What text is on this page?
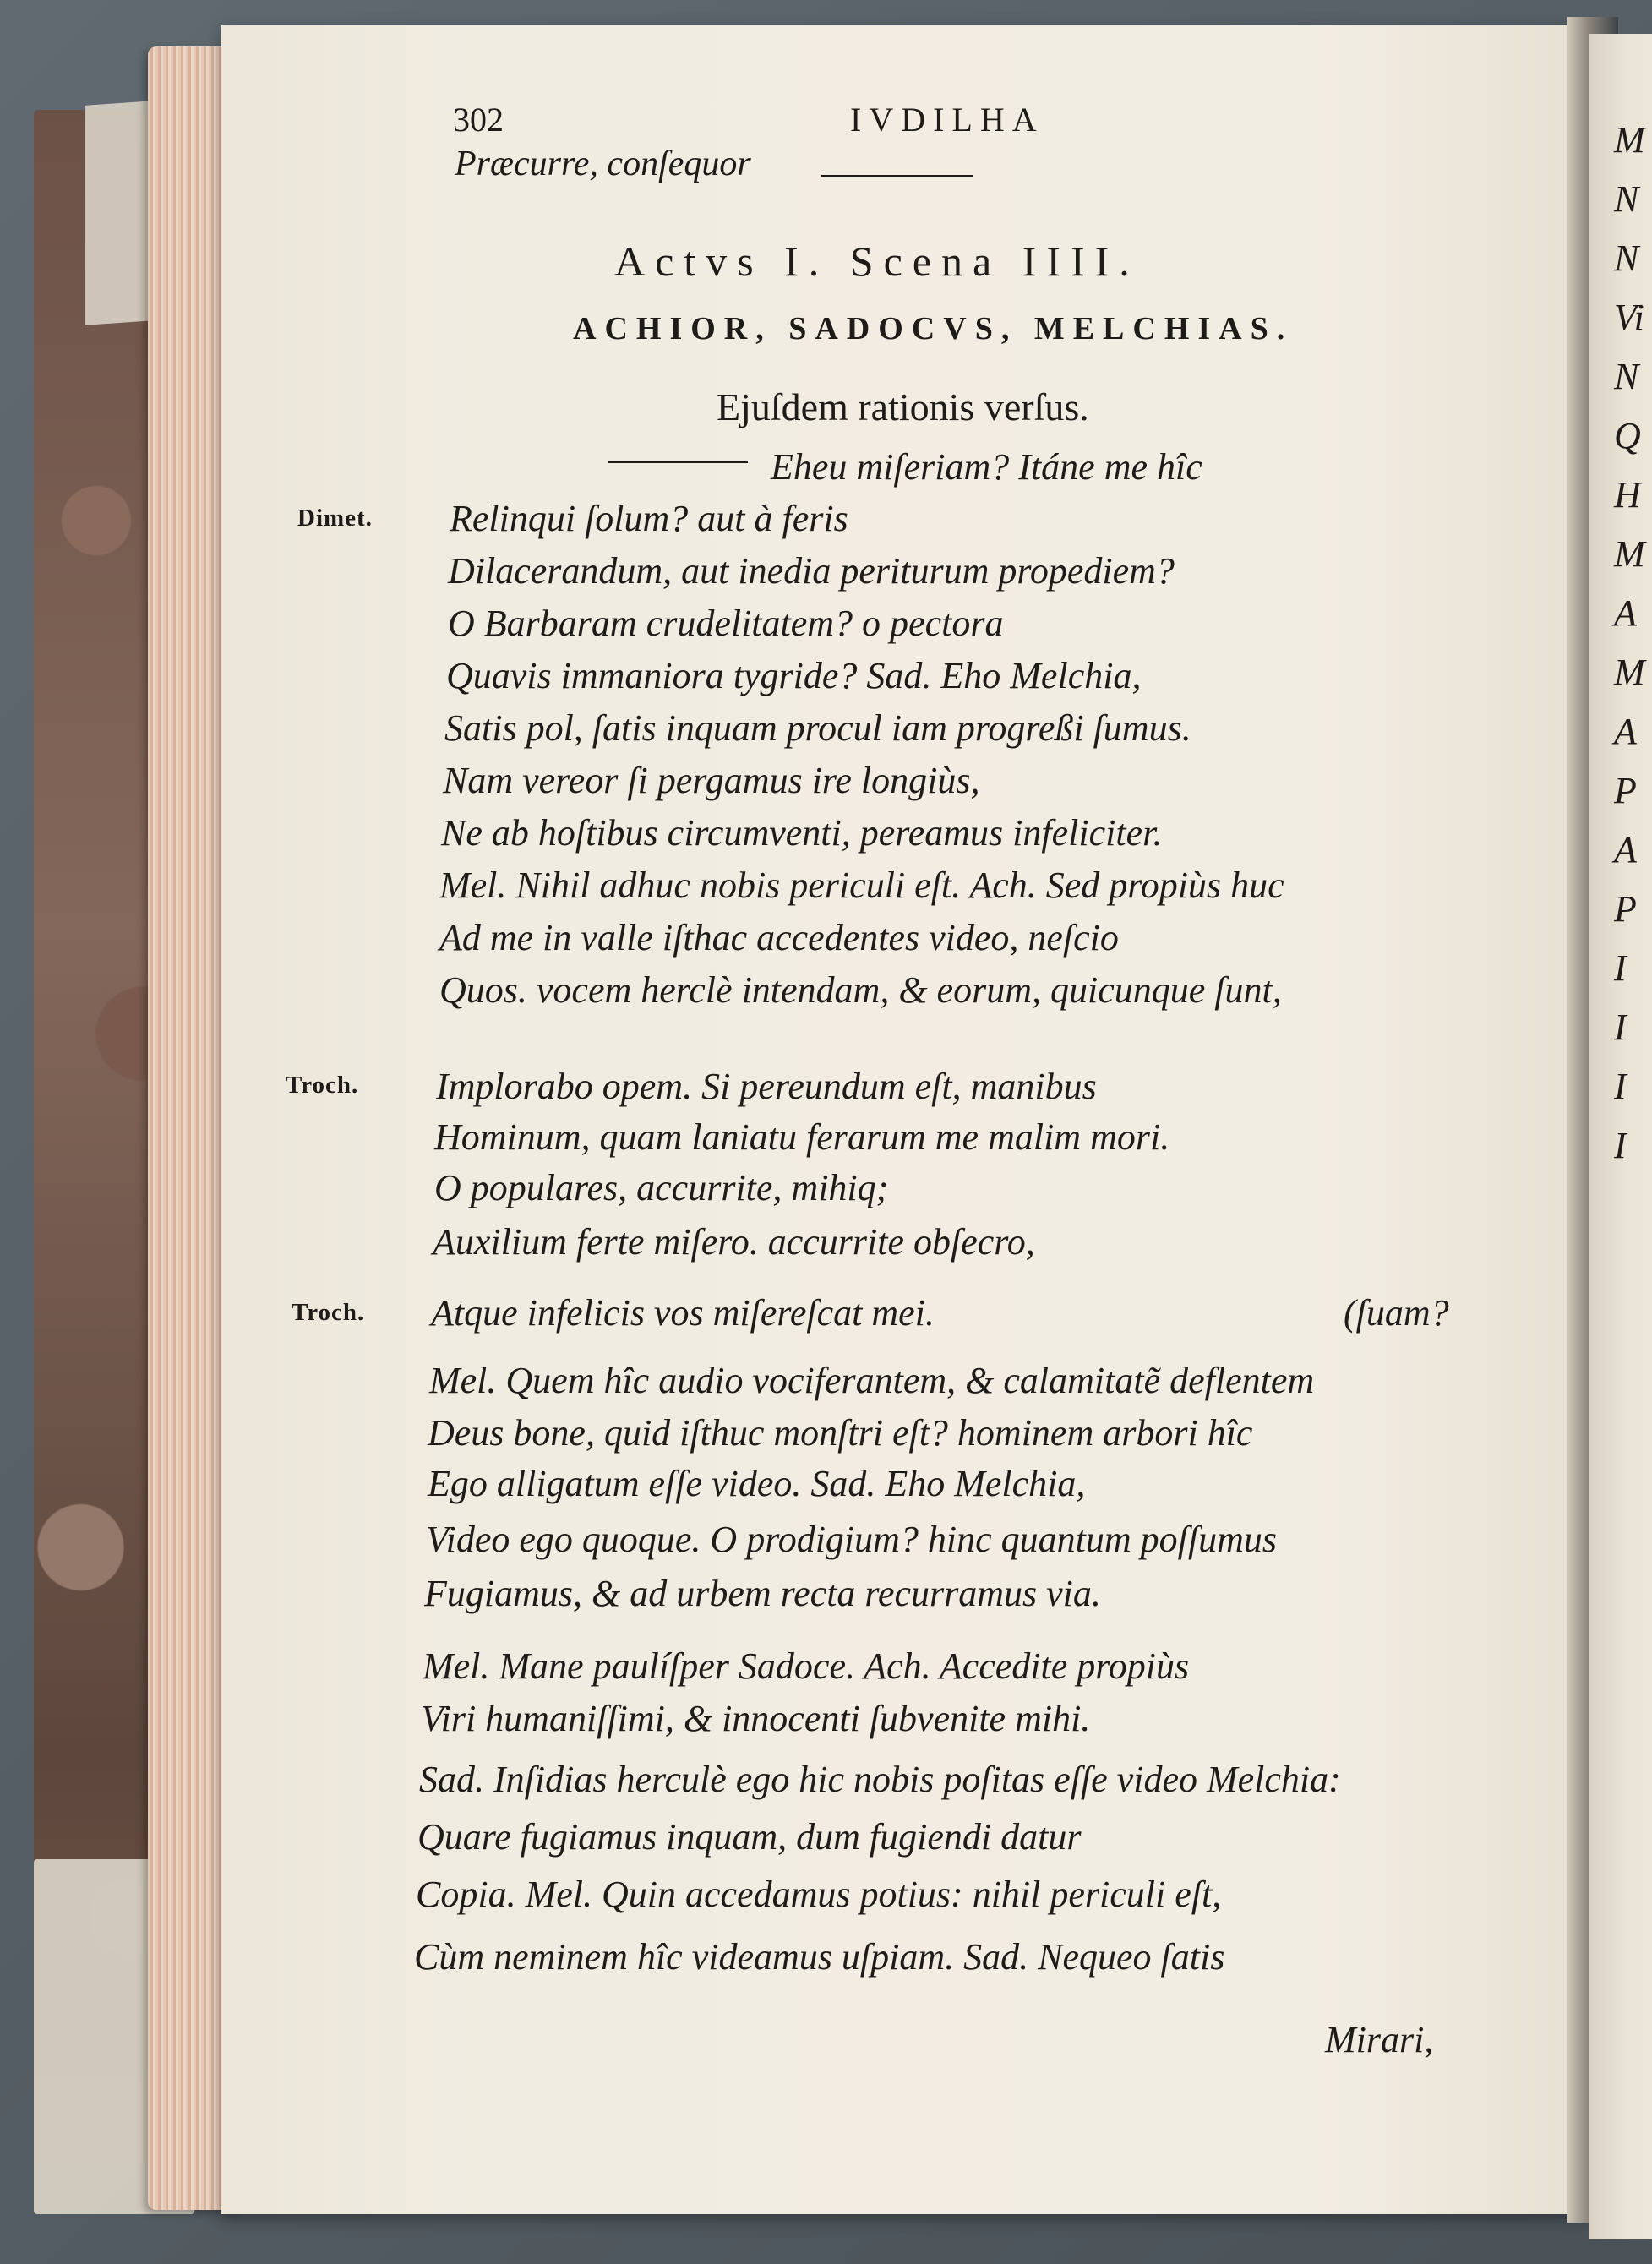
302	IVDILHA
Præcurre, conſequor
Actvs I. Scena IIII.
ACHIOR, SADOCVS, MELCHIAS.
Ejuſdem rationis verſus.
Dimet.
Troch.
Troch.
Eheu miſeriam? Itáne me hîc
Relinqui ſolum? aut à feris
Dilacerandum, aut inedia periturum propediem?
O Barbaram crudelitatem? o pectora
Quavis immaniora tygride? Sad. Eho Melchia,
Satis pol, ſatis inquam procul iam progreßi ſumus.
Nam vereor ſi pergamus ire longiùs,
Ne ab hoſtibus circumventi, pereamus infeliciter.
Mel. Nihil adhuc nobis periculi eſt. Ach. Sed propiùs huc
Ad me in valle iſthac accedentes video, neſcio
Quos. vocem herclè intendam, & eorum, quicunque ſunt,
Implorabo opem. Si pereundum eſt, manibus
Hominum, quam laniatu ferarum me malim mori.
O populares, accurrite, mihiq;
Auxilium ferte miſero. accurrite obſecro,
Atque infelicis vos miſereſcat mei.	(ſuam?
Mel. Quem hîc audio vociferantem, & calamitatẽ deflentem
Deus bone, quid iſthuc monſtri eſt? hominem arbori hîc
Ego alligatum eſſe video. Sad. Eho Melchia,
Video ego quoque. O prodigium? hinc quantum poſſumus
Fugiamus, & ad urbem recta recurramus via.
Mel. Mane paulíſper Sadoce. Ach. Accedite propiùs
Viri humaniſſimi, & innocenti ſubvenite mihi.
Sad. Inſidias herculè ego hic nobis poſitas eſſe video Melchia:
Quare fugiamus inquam, dum fugiendi datur
Copia. Mel. Quin accedamus potius: nihil periculi eſt,
Cùm neminem hîc videamus uſpiam. Sad. Nequeo ſatis
Mirari,
M
N
N
Vi
N
Q
H
M
A
M
A
P
A
P
I
I
I
I
